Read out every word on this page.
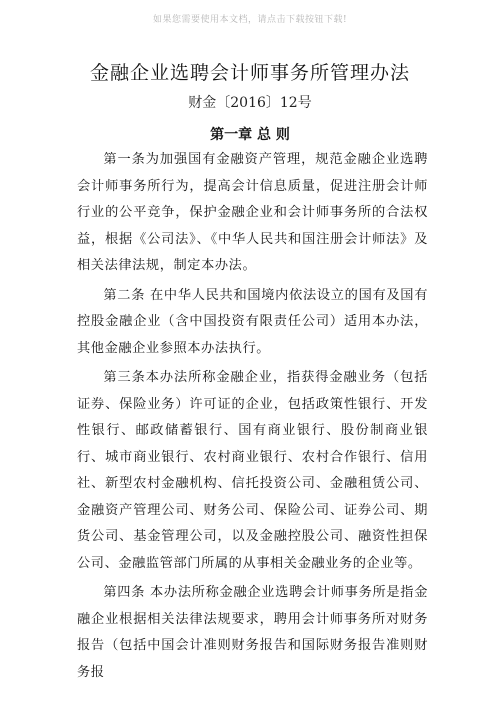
如果您需要使用本文档，请点击下载按钮下载!
金融企业选聘会计师事务所管理办法
财金〔2016〕12号
第一章 总 则

第一条为加强国有金融资产管理，规范金融企业选聘会计师事务所行为，提高会计信息质量，促进注册会计师行业的公平竞争，保护金融企业和会计师事务所的合法权益，根据《公司法》、《中华人民共和国注册会计师法》及相关法律法规，制定本办法。

第二条 在中华人民共和国境内依法设立的国有及国有控股金融企业（含中国投资有限责任公司）适用本办法，其他金融企业参照本办法执行。

第三条本办法所称金融企业，指获得金融业务（包括证券、保险业务）许可证的企业，包括政策性银行、开发性银行、邮政储蓄银行、国有商业银行、股份制商业银行、城市商业银行、农村商业银行、农村合作银行、信用社、新型农村金融机构、信托投资公司、金融租赁公司、金融资产管理公司、财务公司、保险公司、证券公司、期货公司、基金管理公司，以及金融控股公司、融资性担保公司、金融监管部门所属的从事相关金融业务的企业等。

第四条 本办法所称金融企业选聘会计师事务所是指金融企业根据相关法律法规要求，聘用会计师事务所对财务报告（包括中国会计准则财务报告和国际财务报告准则财务报
